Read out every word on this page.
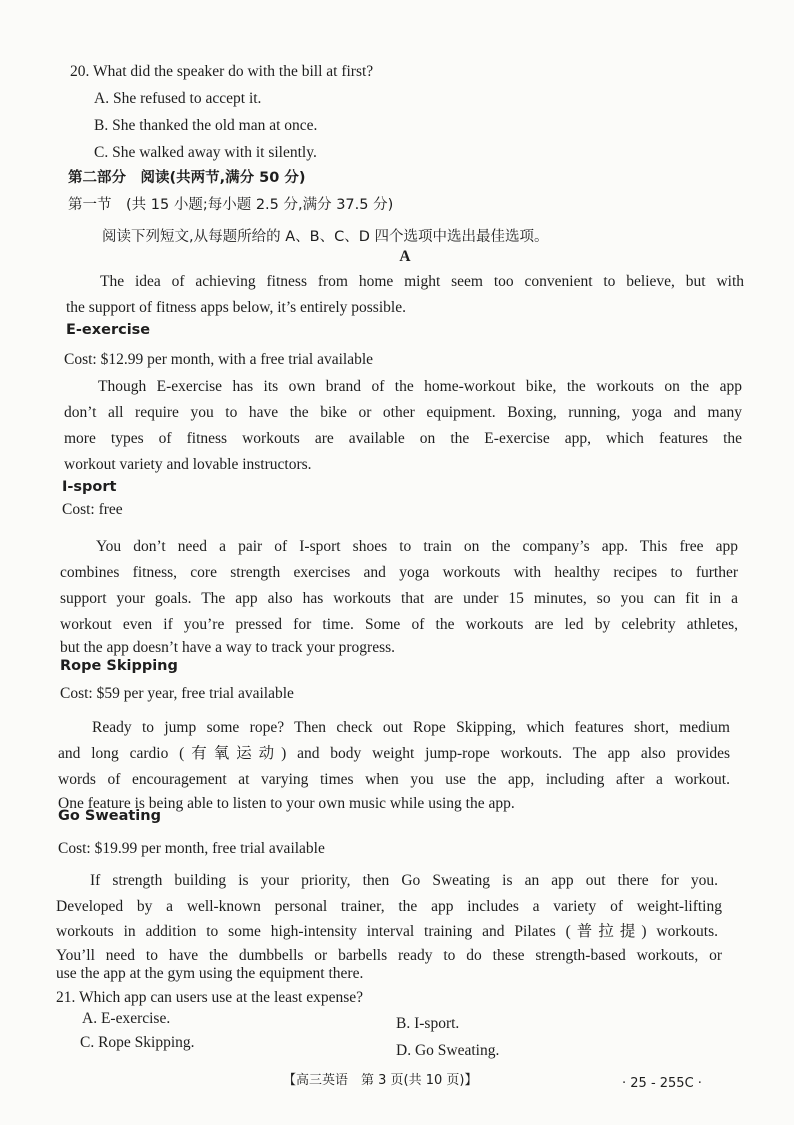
20. What did the speaker do with the bill at first?
A. She refused to accept it.
B. She thanked the old man at once.
C. She walked away with it silently.
第二部分　阅读(共两节,满分 50 分)
第一节　(共 15 小题;每小题 2.5 分,满分 37.5 分)
阅读下列短文,从每题所给的 A、B、C、D 四个选项中选出最佳选项。
A
The idea of achieving fitness from home might seem too convenient to believe, but with
the support of fitness apps below, it’s entirely possible.
E-exercise
Cost: $12.99 per month, with a free trial available
Though E-exercise has its own brand of the home-workout bike, the workouts on the app
don’t all require you to have the bike or other equipment. Boxing, running, yoga and many
more types of fitness workouts are available on the E-exercise app, which features the
workout variety and lovable instructors.
I-sport
Cost: free
You don’t need a pair of I-sport shoes to train on the company’s app. This free app
combines fitness, core strength exercises and yoga workouts with healthy recipes to further
support your goals. The app also has workouts that are under 15 minutes, so you can fit in a
workout even if you’re pressed for time. Some of the workouts are led by celebrity athletes,
but the app doesn’t have a way to track your progress.
Rope Skipping
Cost: $59 per year, free trial available
Ready to jump some rope? Then check out Rope Skipping, which features short, medium
and long cardio (有氧运动) and body weight jump-rope workouts. The app also provides
words of encouragement at varying times when you use the app, including after a workout.
One feature is being able to listen to your own music while using the app.
Go Sweating
Cost: $19.99 per month, free trial available
If strength building is your priority, then Go Sweating is an app out there for you.
Developed by a well-known personal trainer, the app includes a variety of weight-lifting
workouts in addition to some high-intensity interval training and Pilates (普拉提) workouts.
You’ll need to have the dumbbells or barbells ready to do these strength-based workouts, or
use the app at the gym using the equipment there.
21. Which app can users use at the least expense?
A. E-exercise.	B. I-sport.
C. Rope Skipping.	D. Go Sweating.
【高三英语　第 3 页(共 10 页)】	· 25 - 255C ·
